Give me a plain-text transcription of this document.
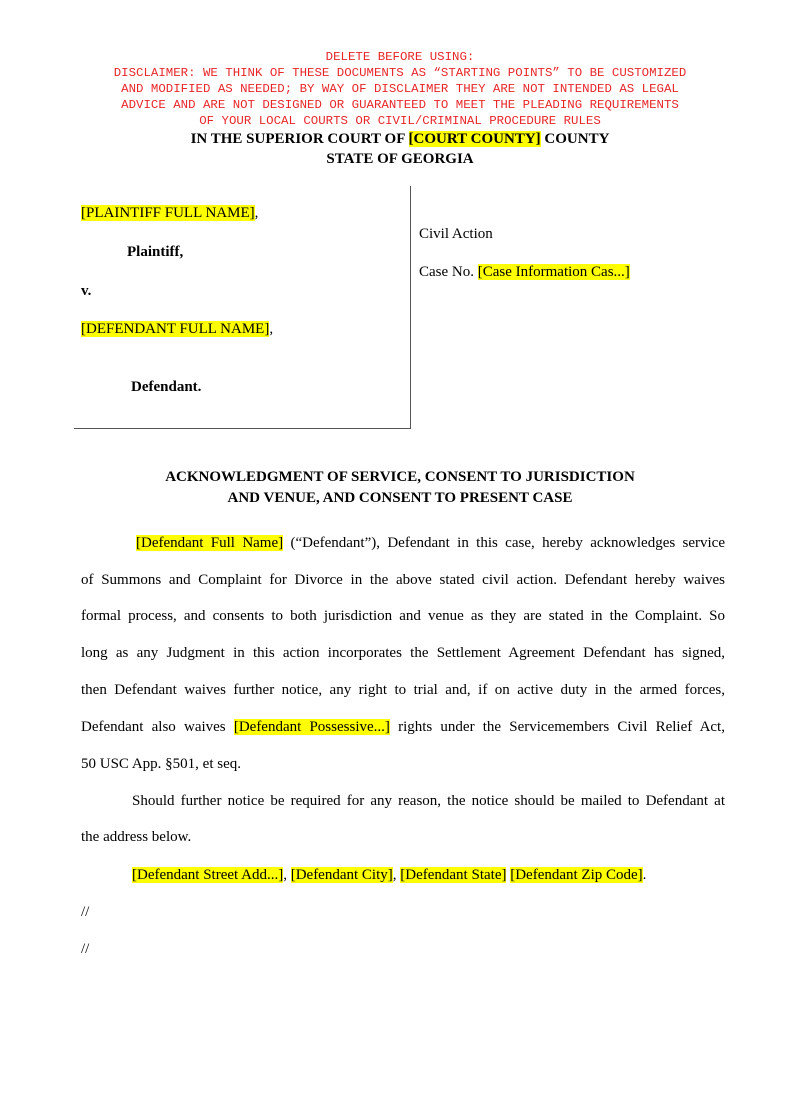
DELETE BEFORE USING:
DISCLAIMER: WE THINK OF THESE DOCUMENTS AS “STARTING POINTS” TO BE CUSTOMIZED
AND MODIFIED AS NEEDED; BY WAY OF DISCLAIMER THEY ARE NOT INTENDED AS LEGAL
ADVICE AND ARE NOT DESIGNED OR GUARANTEED TO MEET THE PLEADING REQUIREMENTS
OF YOUR LOCAL COURTS OR CIVIL/CRIMINAL PROCEDURE RULES
IN THE SUPERIOR COURT OF [COURT COUNTY] COUNTY
STATE OF GEORGIA
[PLAINTIFF FULL NAME],
Plaintiff,
v.
[DEFENDANT FULL NAME],
Defendant.
Civil Action
Case No. [Case Information Cas...]
ACKNOWLEDGMENT OF SERVICE, CONSENT TO JURISDICTION
AND VENUE, AND CONSENT TO PRESENT CASE
[Defendant Full Name] (“Defendant”), Defendant in this case, hereby acknowledges service
of Summons and Complaint for Divorce in the above stated civil action. Defendant hereby waives
formal process, and consents to both jurisdiction and venue as they are stated in the Complaint. So
long as any Judgment in this action incorporates the Settlement Agreement Defendant has signed,
then Defendant waives further notice, any right to trial and, if on active duty in the armed forces,
Defendant also waives [Defendant Possessive...] rights under the Servicemembers Civil Relief Act,
50 USC App. §501, et seq.
Should further notice be required for any reason, the notice should be mailed to Defendant at
the address below.
[Defendant Street Add...], [Defendant City], [Defendant State] [Defendant Zip Code].
//
//
